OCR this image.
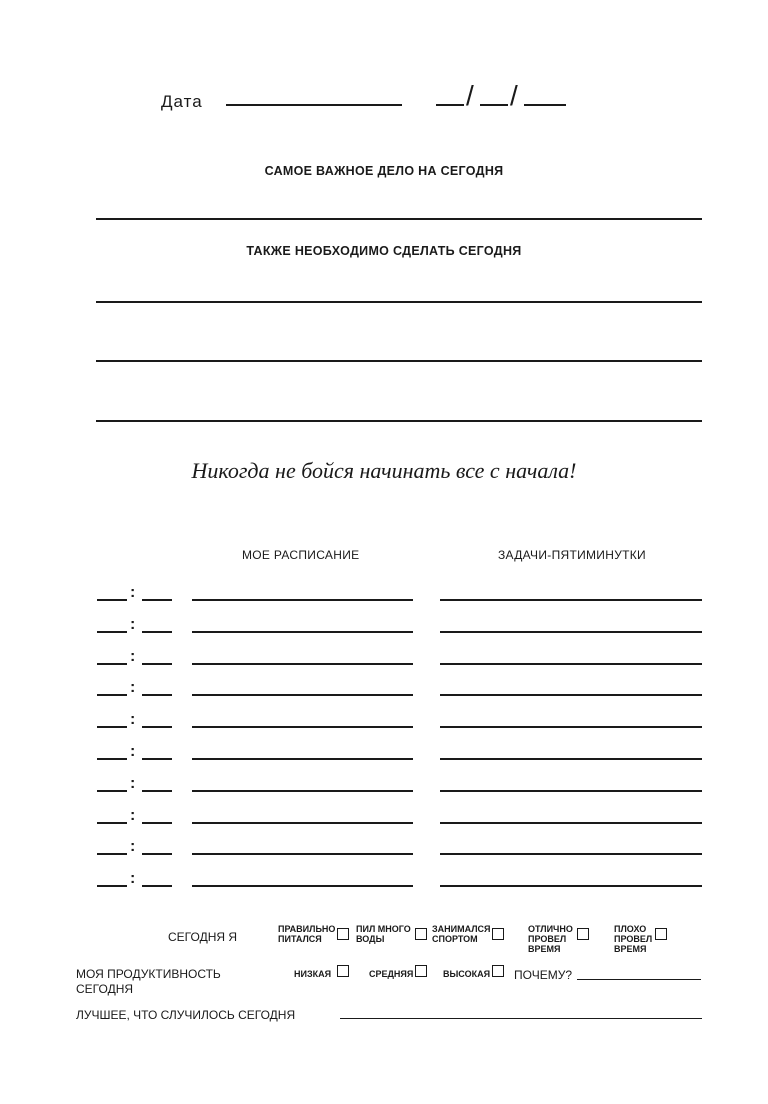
Дата	/ /
САМОЕ ВАЖНОЕ ДЕЛО НА СЕГОДНЯ
ТАКЖЕ НЕОБХОДИМО СДЕЛАТЬ СЕГОДНЯ
Никогда не бойся начинать все с начала!
МОЕ РАСПИСАНИЕ	ЗАДАЧИ-ПЯТИМИНУТКИ
:
:
:
:
:
:
:
:
:
:
СЕГОДНЯ Я
ПРАВИЛЬНО
ПИТАЛСЯ
ПИЛ МНОГО
ВОДЫ
ЗАНИМАЛСЯ
СПОРТОМ
ОТЛИЧНО
ПРОВЕЛ
ВРЕМЯ
ПЛОХО
ПРОВЕЛ
ВРЕМЯ
МОЯ ПРОДУКТИВНОСТЬ
СЕГОДНЯ
НИЗКАЯ	СРЕДНЯЯ	ВЫСОКАЯ ПОЧЕМУ?
ЛУЧШЕЕ, ЧТО СЛУЧИЛОСЬ СЕГОДНЯ
